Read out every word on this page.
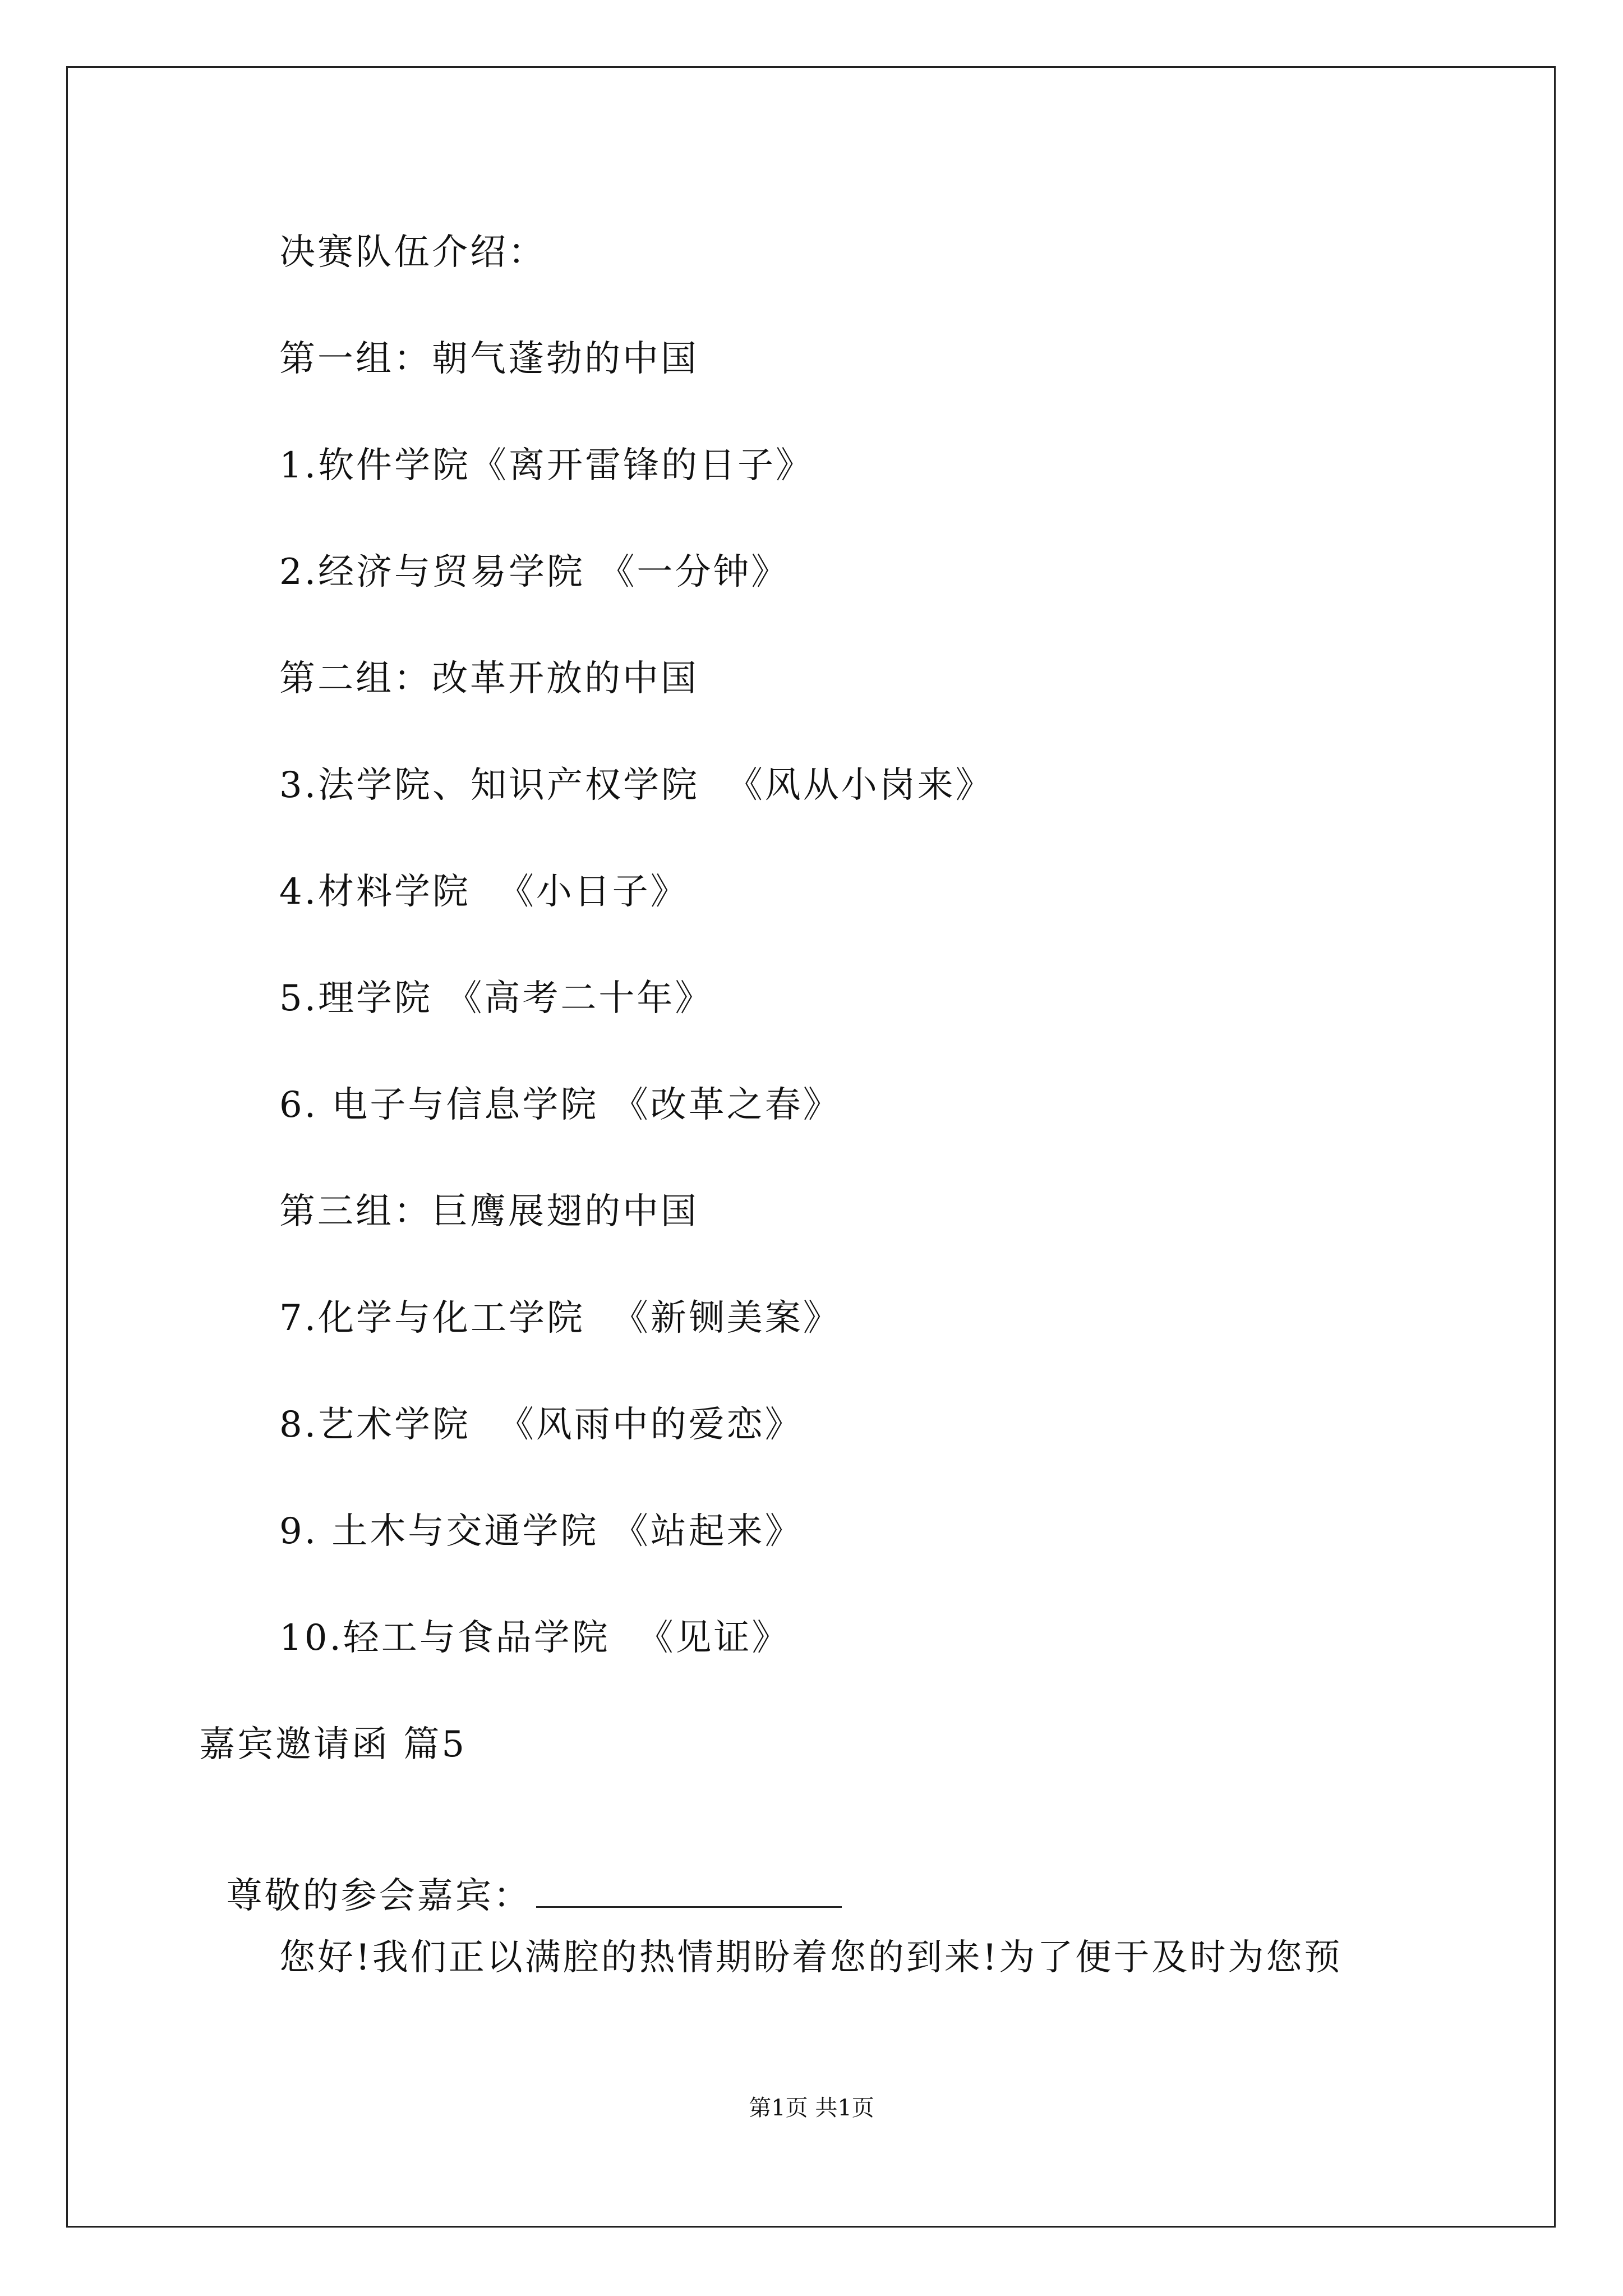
决赛队伍介绍：
第一组：朝气蓬勃的中国
1.软件学院《离开雷锋的日子》
2.经济与贸易学院 《一分钟》
第二组：改革开放的中国
3.法学院、知识产权学院  《风从小岗来》
4.材料学院  《小日子》
5.理学院 《高考二十年》
6. 电子与信息学院 《改革之春》
第三组：巨鹰展翅的中国
7.化学与化工学院  《新铡美案》
8.艺术学院  《风雨中的爱恋》
9. 土木与交通学院 《站起来》
10.轻工与食品学院  《见证》
嘉宾邀请函 篇5

尊敬的参会嘉宾：

您好!我们正以满腔的热情期盼着您的到来!为了便于及时为您预
第1页 共1页
